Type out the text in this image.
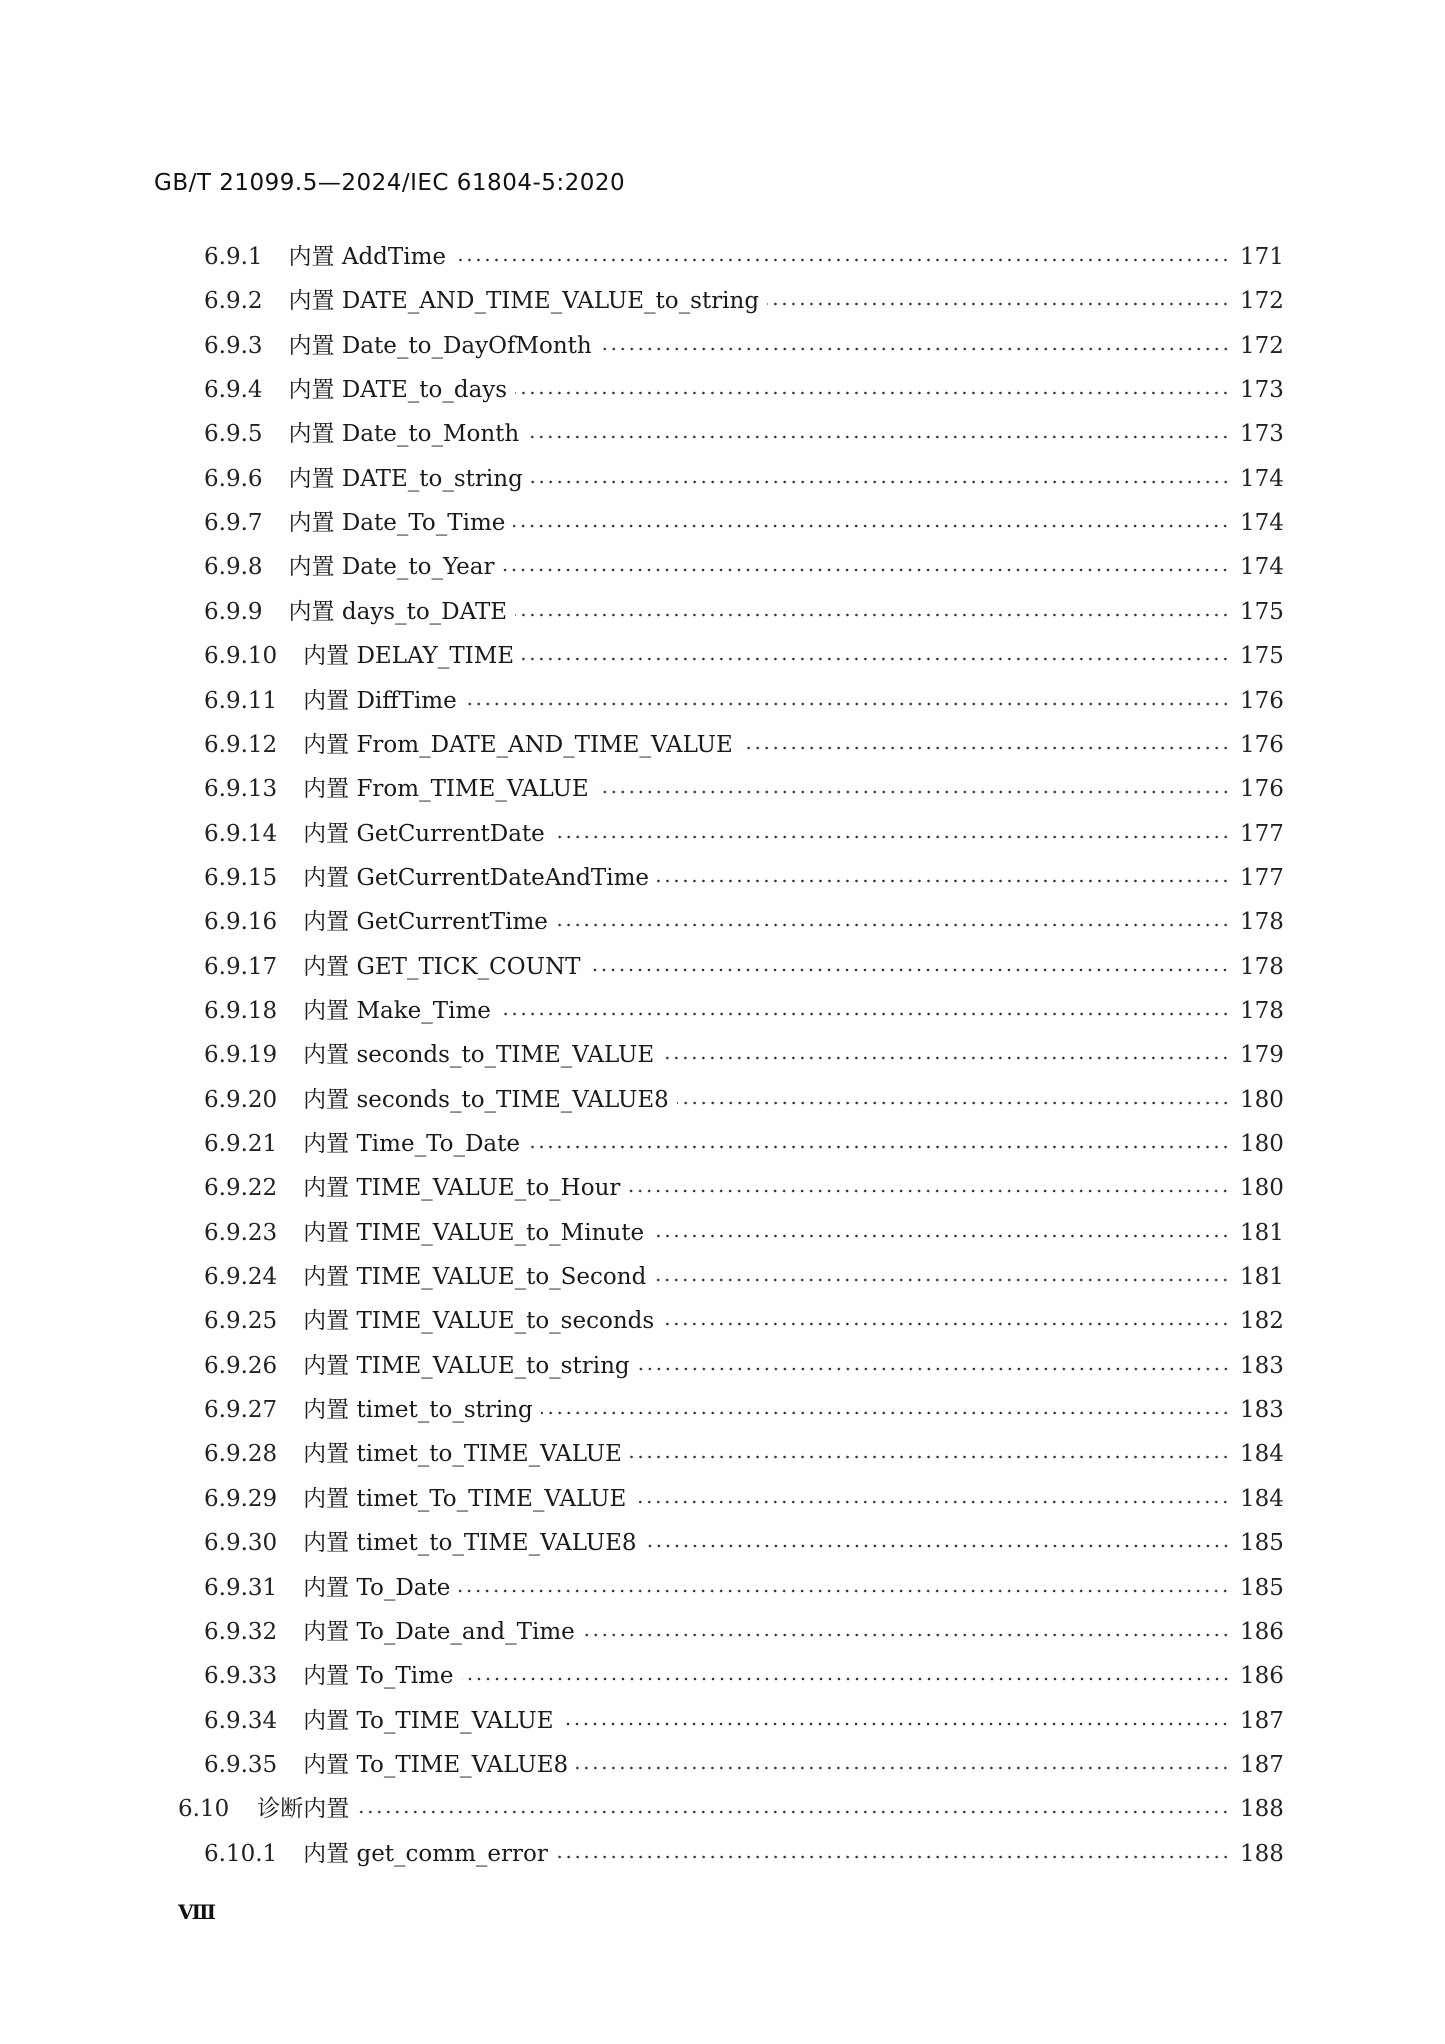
GB/T 21099.5—2024/IEC 61804-5:2020
6.9.1 内置 AddTime	171
6.9.2 内置 DATE_AND_TIME_VALUE_to_string	172
6.9.3 内置 Date_to_DayOfMonth	172
6.9.4 内置 DATE_to_days	173
6.9.5 内置 Date_to_Month	173
6.9.6 内置 DATE_to_string	174
6.9.7 内置 Date_To_Time	174
6.9.8 内置 Date_to_Year	174
6.9.9 内置 days_to_DATE	175
6.9.10 内置 DELAY_TIME	175
6.9.11 内置 DiffTime	176
6.9.12 内置 From_DATE_AND_TIME_VALUE	176
6.9.13 内置 From_TIME_VALUE	176
6.9.14 内置 GetCurrentDate	177
6.9.15 内置 GetCurrentDateAndTime	177
6.9.16 内置 GetCurrentTime	178
6.9.17 内置 GET_TICK_COUNT	178
6.9.18 内置 Make_Time	178
6.9.19 内置 seconds_to_TIME_VALUE	179
6.9.20 内置 seconds_to_TIME_VALUE8	180
6.9.21 内置 Time_To_Date	180
6.9.22 内置 TIME_VALUE_to_Hour	180
6.9.23 内置 TIME_VALUE_to_Minute	181
6.9.24 内置 TIME_VALUE_to_Second	181
6.9.25 内置 TIME_VALUE_to_seconds	182
6.9.26 内置 TIME_VALUE_to_string	183
6.9.27 内置 timet_to_string	183
6.9.28 内置 timet_to_TIME_VALUE	184
6.9.29 内置 timet_To_TIME_VALUE	184
6.9.30 内置 timet_to_TIME_VALUE8	185
6.9.31 内置 To_Date	185
6.9.32 内置 To_Date_and_Time	186
6.9.33 内置 To_Time	186
6.9.34 内置 To_TIME_VALUE	187
6.9.35 内置 To_TIME_VALUE8	187
6.10 诊断内置	188
6.10.1 内置 get_comm_error	188
Ⅷ
